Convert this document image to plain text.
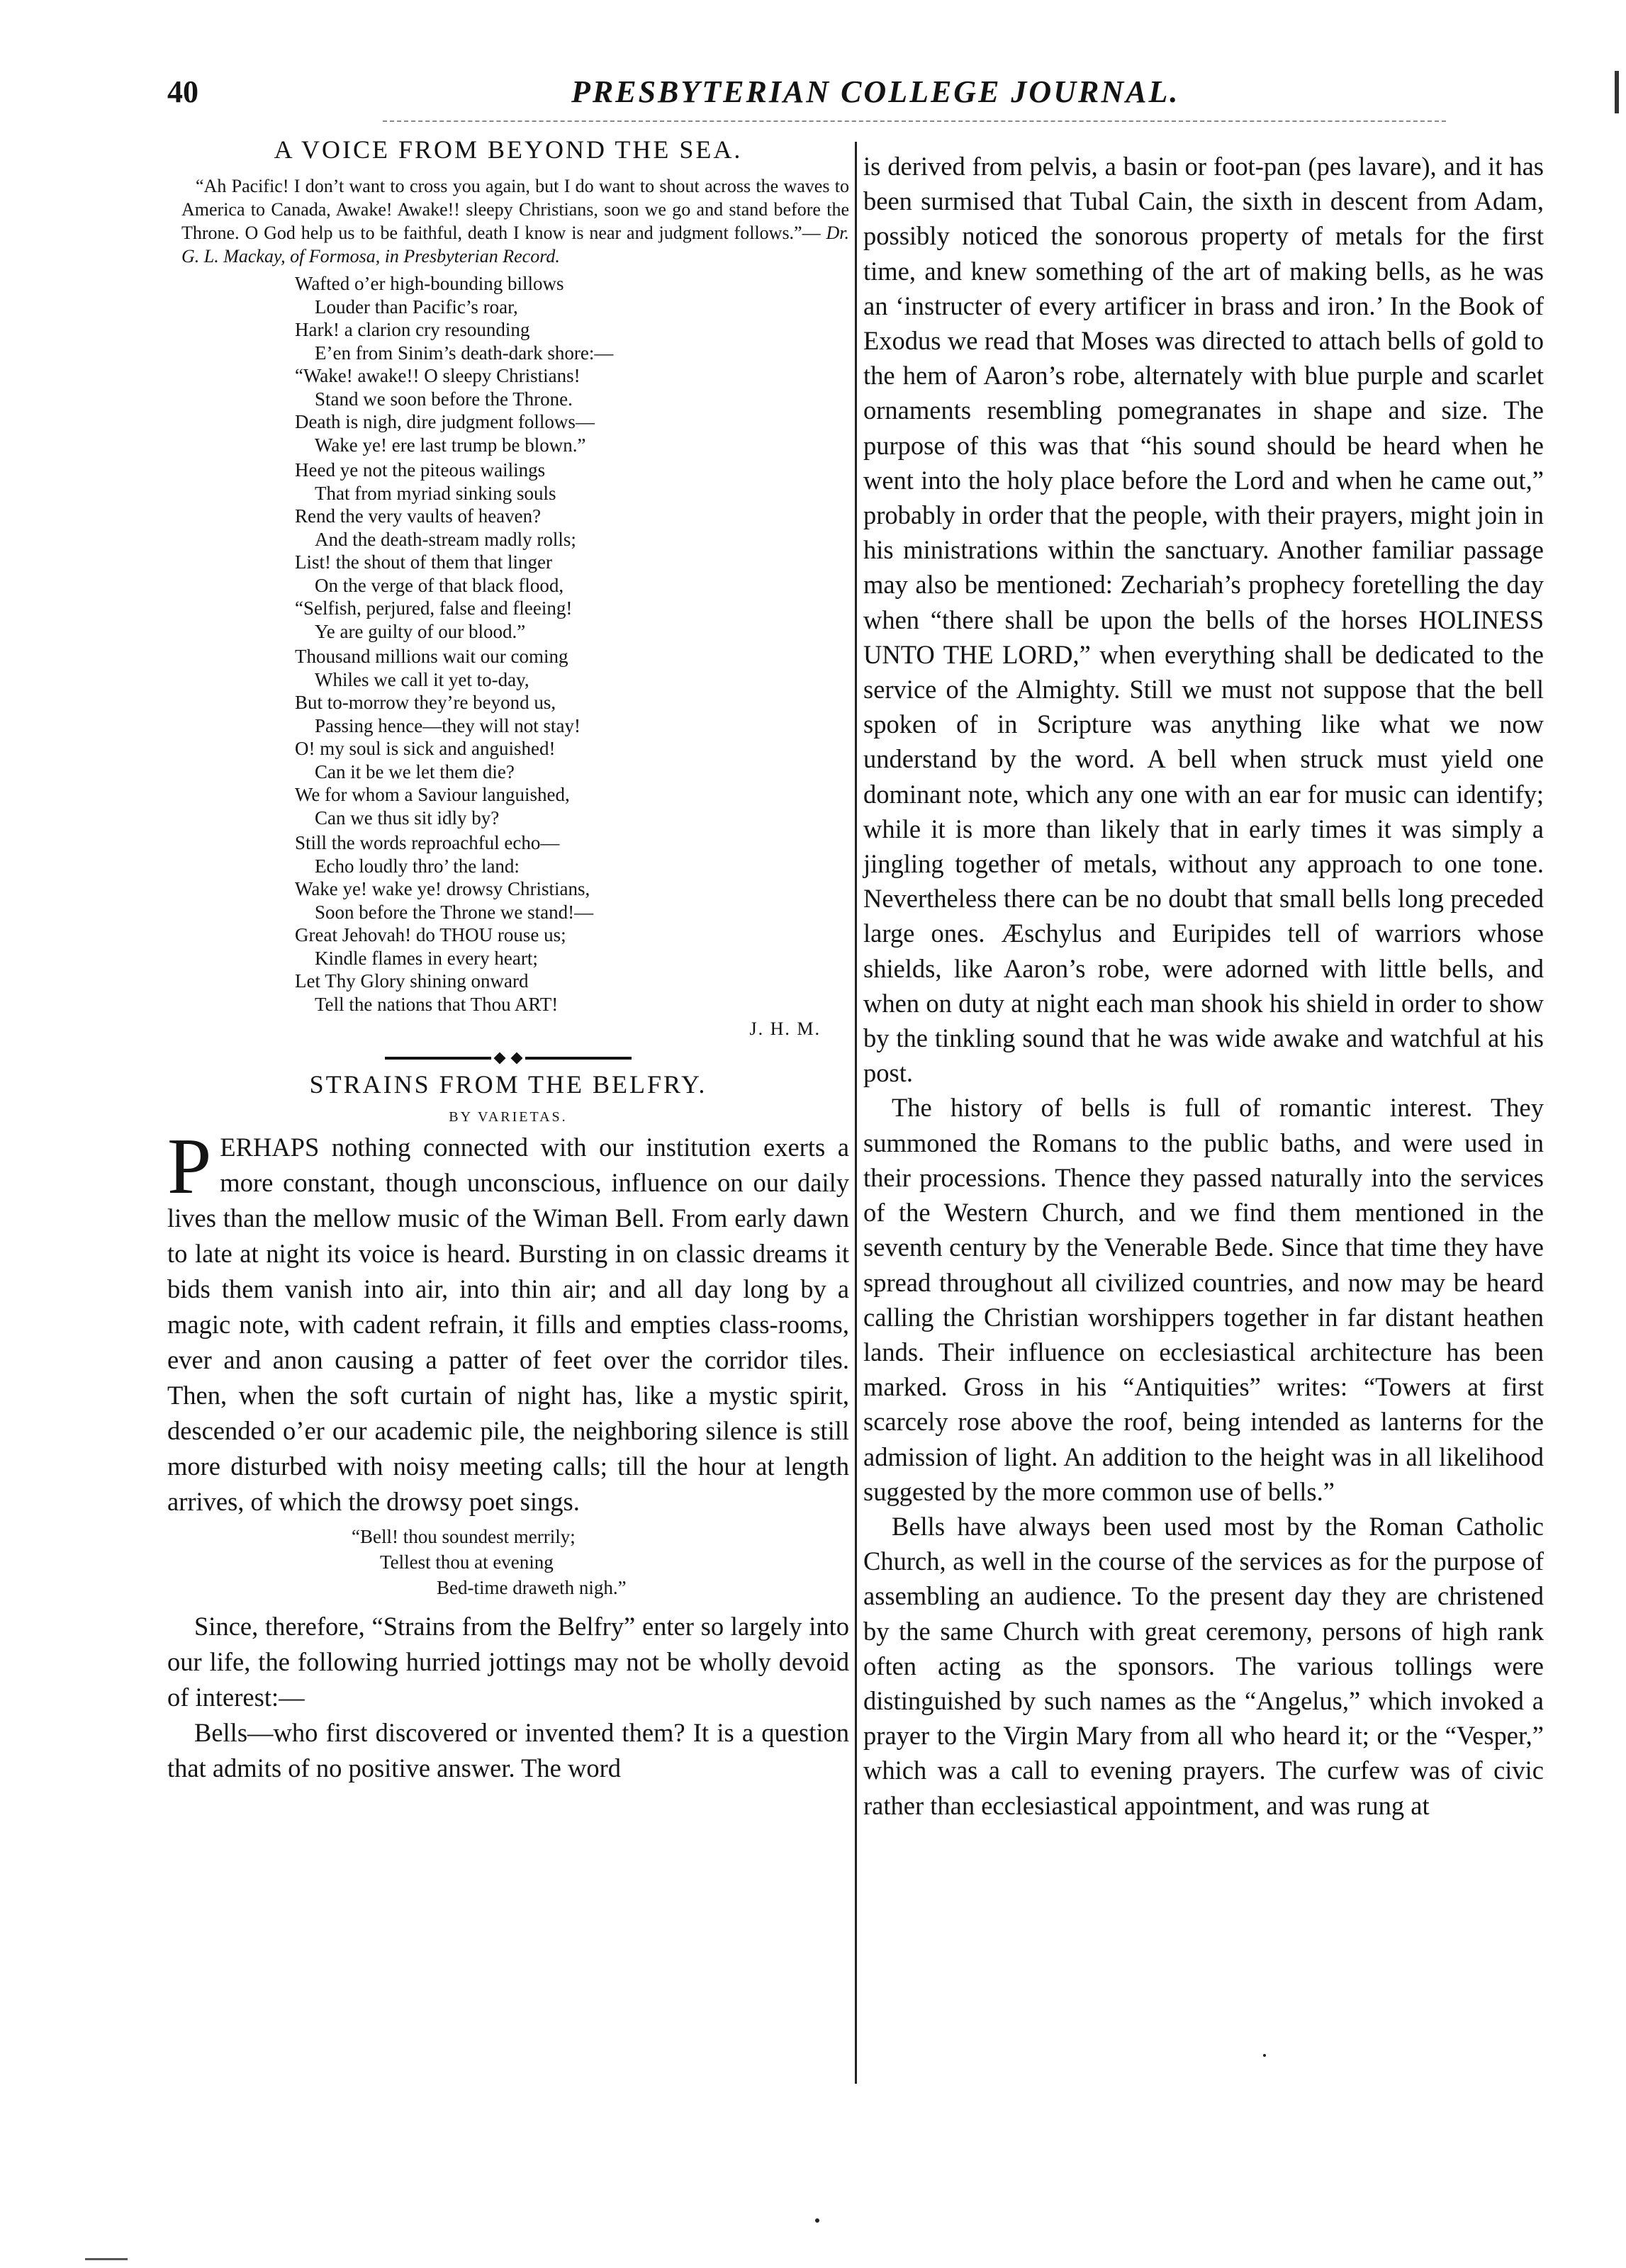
40	PRESBYTERIAN COLLEGE JOURNAL.
A VOICE FROM BEYOND THE SEA.

“Ah Pacific! I don’t want to cross you again, but I do want to shout across the waves to America to Canada, Awake! Awake!! sleepy Christians, soon we go and stand before the Throne. O God help us to be faithful, death I know is near and judgment follows.”— Dr. G. L. Mackay, of Formosa, in Presbyterian Record.

Wafted o’er high-bounding billows
Louder than Pacific’s roar,
Hark! a clarion cry resounding
E’en from Sinim’s death-dark shore:—
“Wake! awake!! O sleepy Christians!
Stand we soon before the Throne.
Death is nigh, dire judgment follows—
Wake ye! ere last trump be blown.”
Heed ye not the piteous wailings
That from myriad sinking souls
Rend the very vaults of heaven?
And the death-stream madly rolls;
List! the shout of them that linger
On the verge of that black flood,
“Selfish, perjured, false and fleeing!
Ye are guilty of our blood.”
Thousand millions wait our coming
Whiles we call it yet to-day,
But to-morrow they’re beyond us,
Passing hence—they will not stay!
O! my soul is sick and anguished!
Can it be we let them die?
We for whom a Saviour languished,
Can we thus sit idly by?
Still the words reproachful echo—
Echo loudly thro’ the land:
Wake ye! wake ye! drowsy Christians,
Soon before the Throne we stand!—
Great Jehovah! do THOU rouse us;
Kindle flames in every heart;
Let Thy Glory shining onward
Tell the nations that Thou ART!
J. H. M.
STRAINS FROM THE BELFRY.
BY VARIETAS.

PERHAPS nothing connected with our institution exerts a more constant, though unconscious, influence on our daily lives than the mellow music of the Wiman Bell. From early dawn to late at night its voice is heard. Bursting in on classic dreams it bids them vanish into air, into thin air; and all day long by a magic note, with cadent refrain, it fills and empties class-rooms, ever and anon causing a patter of feet over the corridor tiles. Then, when the soft curtain of night has, like a mystic spirit, descended o’er our academic pile, the neighboring silence is still more disturbed with noisy meeting calls; till the hour at length arrives, of which the drowsy poet sings.

“Bell! thou soundest merrily;
Tellest thou at evening
Bed-time draweth nigh.”

Since, therefore, “Strains from the Belfry” enter so largely into our life, the following hurried jottings may not be wholly devoid of interest:—

Bells—who first discovered or invented them? It is a question that admits of no positive answer. The word

is derived from pelvis, a basin or foot-pan (pes lavare), and it has been surmised that Tubal Cain, the sixth in descent from Adam, possibly noticed the sonorous property of metals for the first time, and knew something of the art of making bells, as he was an ‘instructer of every artificer in brass and iron.’ In the Book of Exodus we read that Moses was directed to attach bells of gold to the hem of Aaron’s robe, alternately with blue purple and scarlet ornaments resembling pomegranates in shape and size. The purpose of this was that “his sound should be heard when he went into the holy place before the Lord and when he came out,” probably in order that the people, with their prayers, might join in his ministrations within the sanctuary. Another familiar passage may also be mentioned: Zechariah’s prophecy foretelling the day when “there shall be upon the bells of the horses HOLINESS UNTO THE LORD,” when everything shall be dedicated to the service of the Almighty. Still we must not suppose that the bell spoken of in Scripture was anything like what we now understand by the word. A bell when struck must yield one dominant note, which any one with an ear for music can identify; while it is more than likely that in early times it was simply a jingling together of metals, without any approach to one tone. Nevertheless there can be no doubt that small bells long preceded large ones. Æschylus and Euripides tell of warriors whose shields, like Aaron’s robe, were adorned with little bells, and when on duty at night each man shook his shield in order to show by the tinkling sound that he was wide awake and watchful at his post.

The history of bells is full of romantic interest. They summoned the Romans to the public baths, and were used in their processions. Thence they passed naturally into the services of the Western Church, and we find them mentioned in the seventh century by the Venerable Bede. Since that time they have spread throughout all civilized countries, and now may be heard calling the Christian worshippers together in far distant heathen lands. Their influence on ecclesiastical architecture has been marked. Gross in his “Antiquities” writes: “Towers at first scarcely rose above the roof, being intended as lanterns for the admission of light. An addition to the height was in all likelihood suggested by the more common use of bells.”

Bells have always been used most by the Roman Catholic Church, as well in the course of the services as for the purpose of assembling an audience. To the present day they are christened by the same Church with great ceremony, persons of high rank often acting as the sponsors. The various tollings were distinguished by such names as the “Angelus,” which invoked a prayer to the Virgin Mary from all who heard it; or the “Vesper,” which was a call to evening prayers. The curfew was of civic rather than ecclesiastical appointment, and was rung at
